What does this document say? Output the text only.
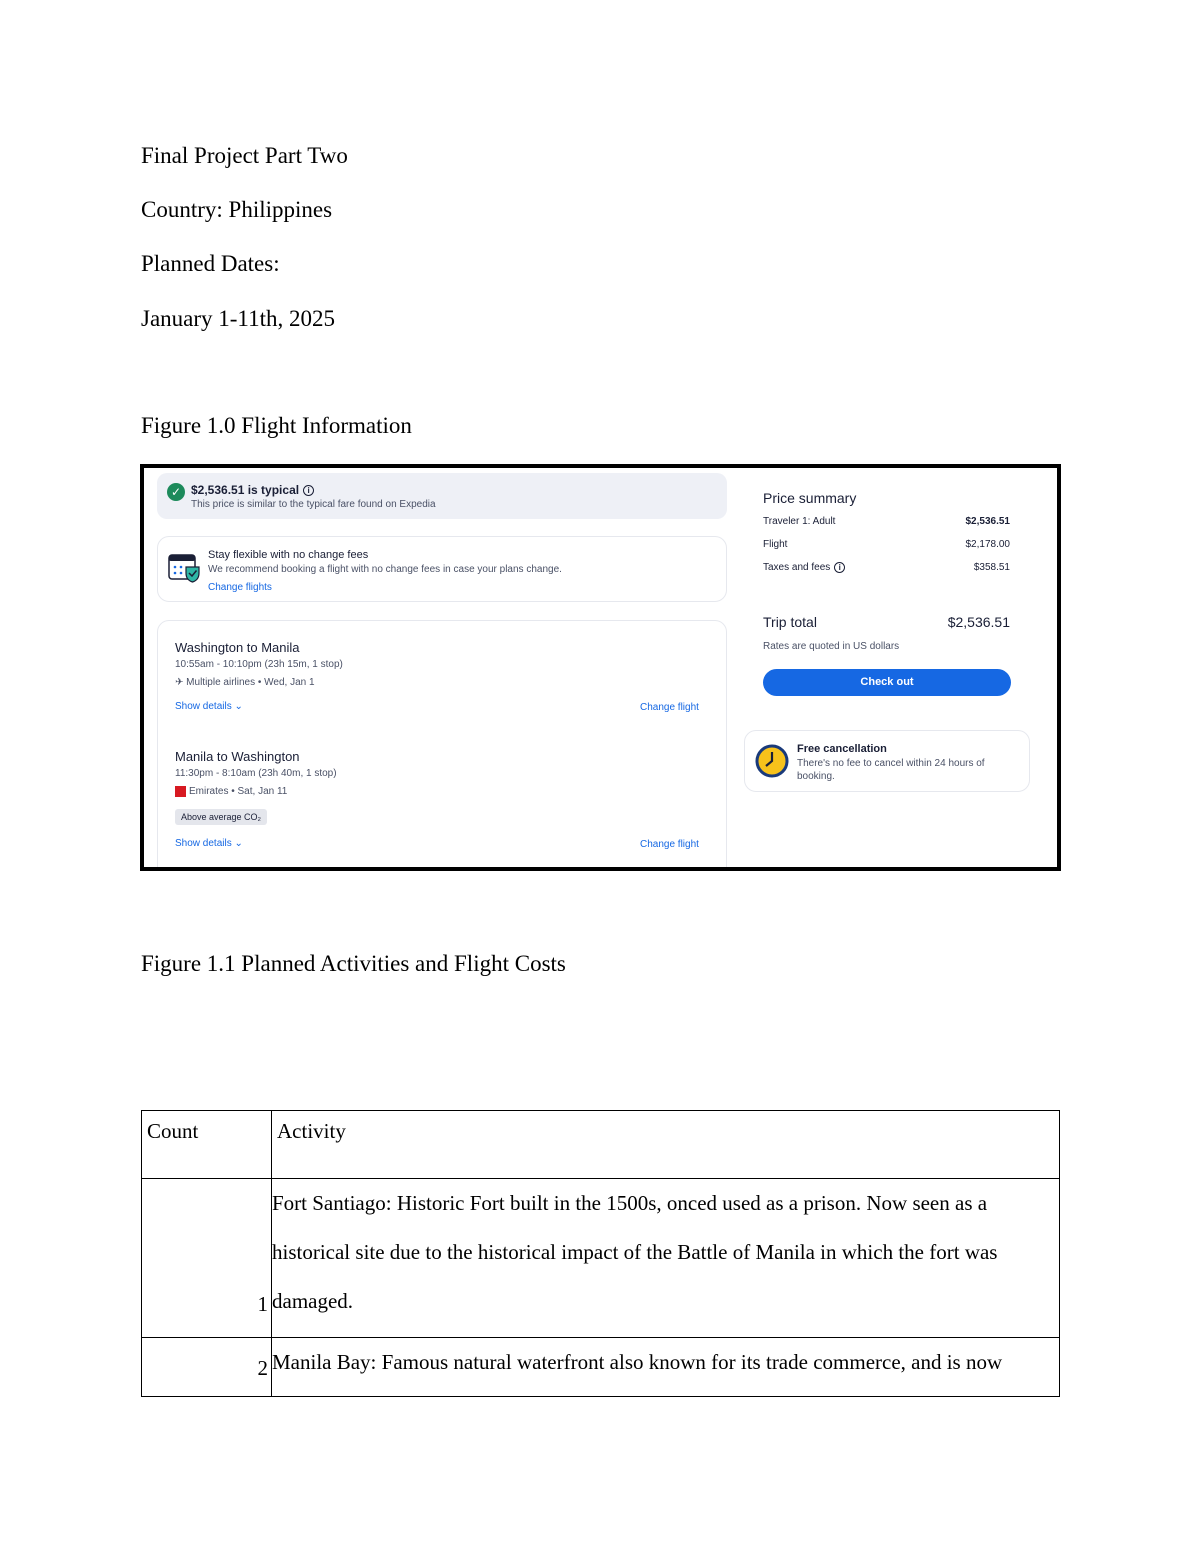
Final Project Part Two
Country: Philippines
Planned Dates:
January 1-11th, 2025
Figure 1.0 Flight Information
✓ $2,536.51 is typical i
This price is similar to the typical fare found on Expedia
Stay flexible with no change fees
We recommend booking a flight with no change fees in case your plans change.
Change flights
Washington to Manila
10:55am - 10:10pm (23h 15m, 1 stop)
✈ Multiple airlines • Wed, Jan 1
Show details ⌄	Change flight
Manila to Washington
11:30pm - 8:10am (23h 40m, 1 stop)
Emirates • Sat, Jan 11
Above average CO₂
Show details ⌄	Change flight
Price summary
Traveler 1: Adult	$2,536.51
Flight	$2,178.00
Taxes and fees i	$358.51
Trip total	$2,536.51
Rates are quoted in US dollars
Check out
Free cancellation
There's no fee to cancel within 24 hours of
booking.
Figure 1.1 Planned Activities and Flight Costs
Count	Activity
1	Fort Santiago: Historic Fort built in the 1500s, onced used as a prison. Now seen as a
historical site due to the historical impact of the Battle of Manila in which the fort was
damaged.

2	Manila Bay: Famous natural waterfront also known for its trade commerce, and is now
